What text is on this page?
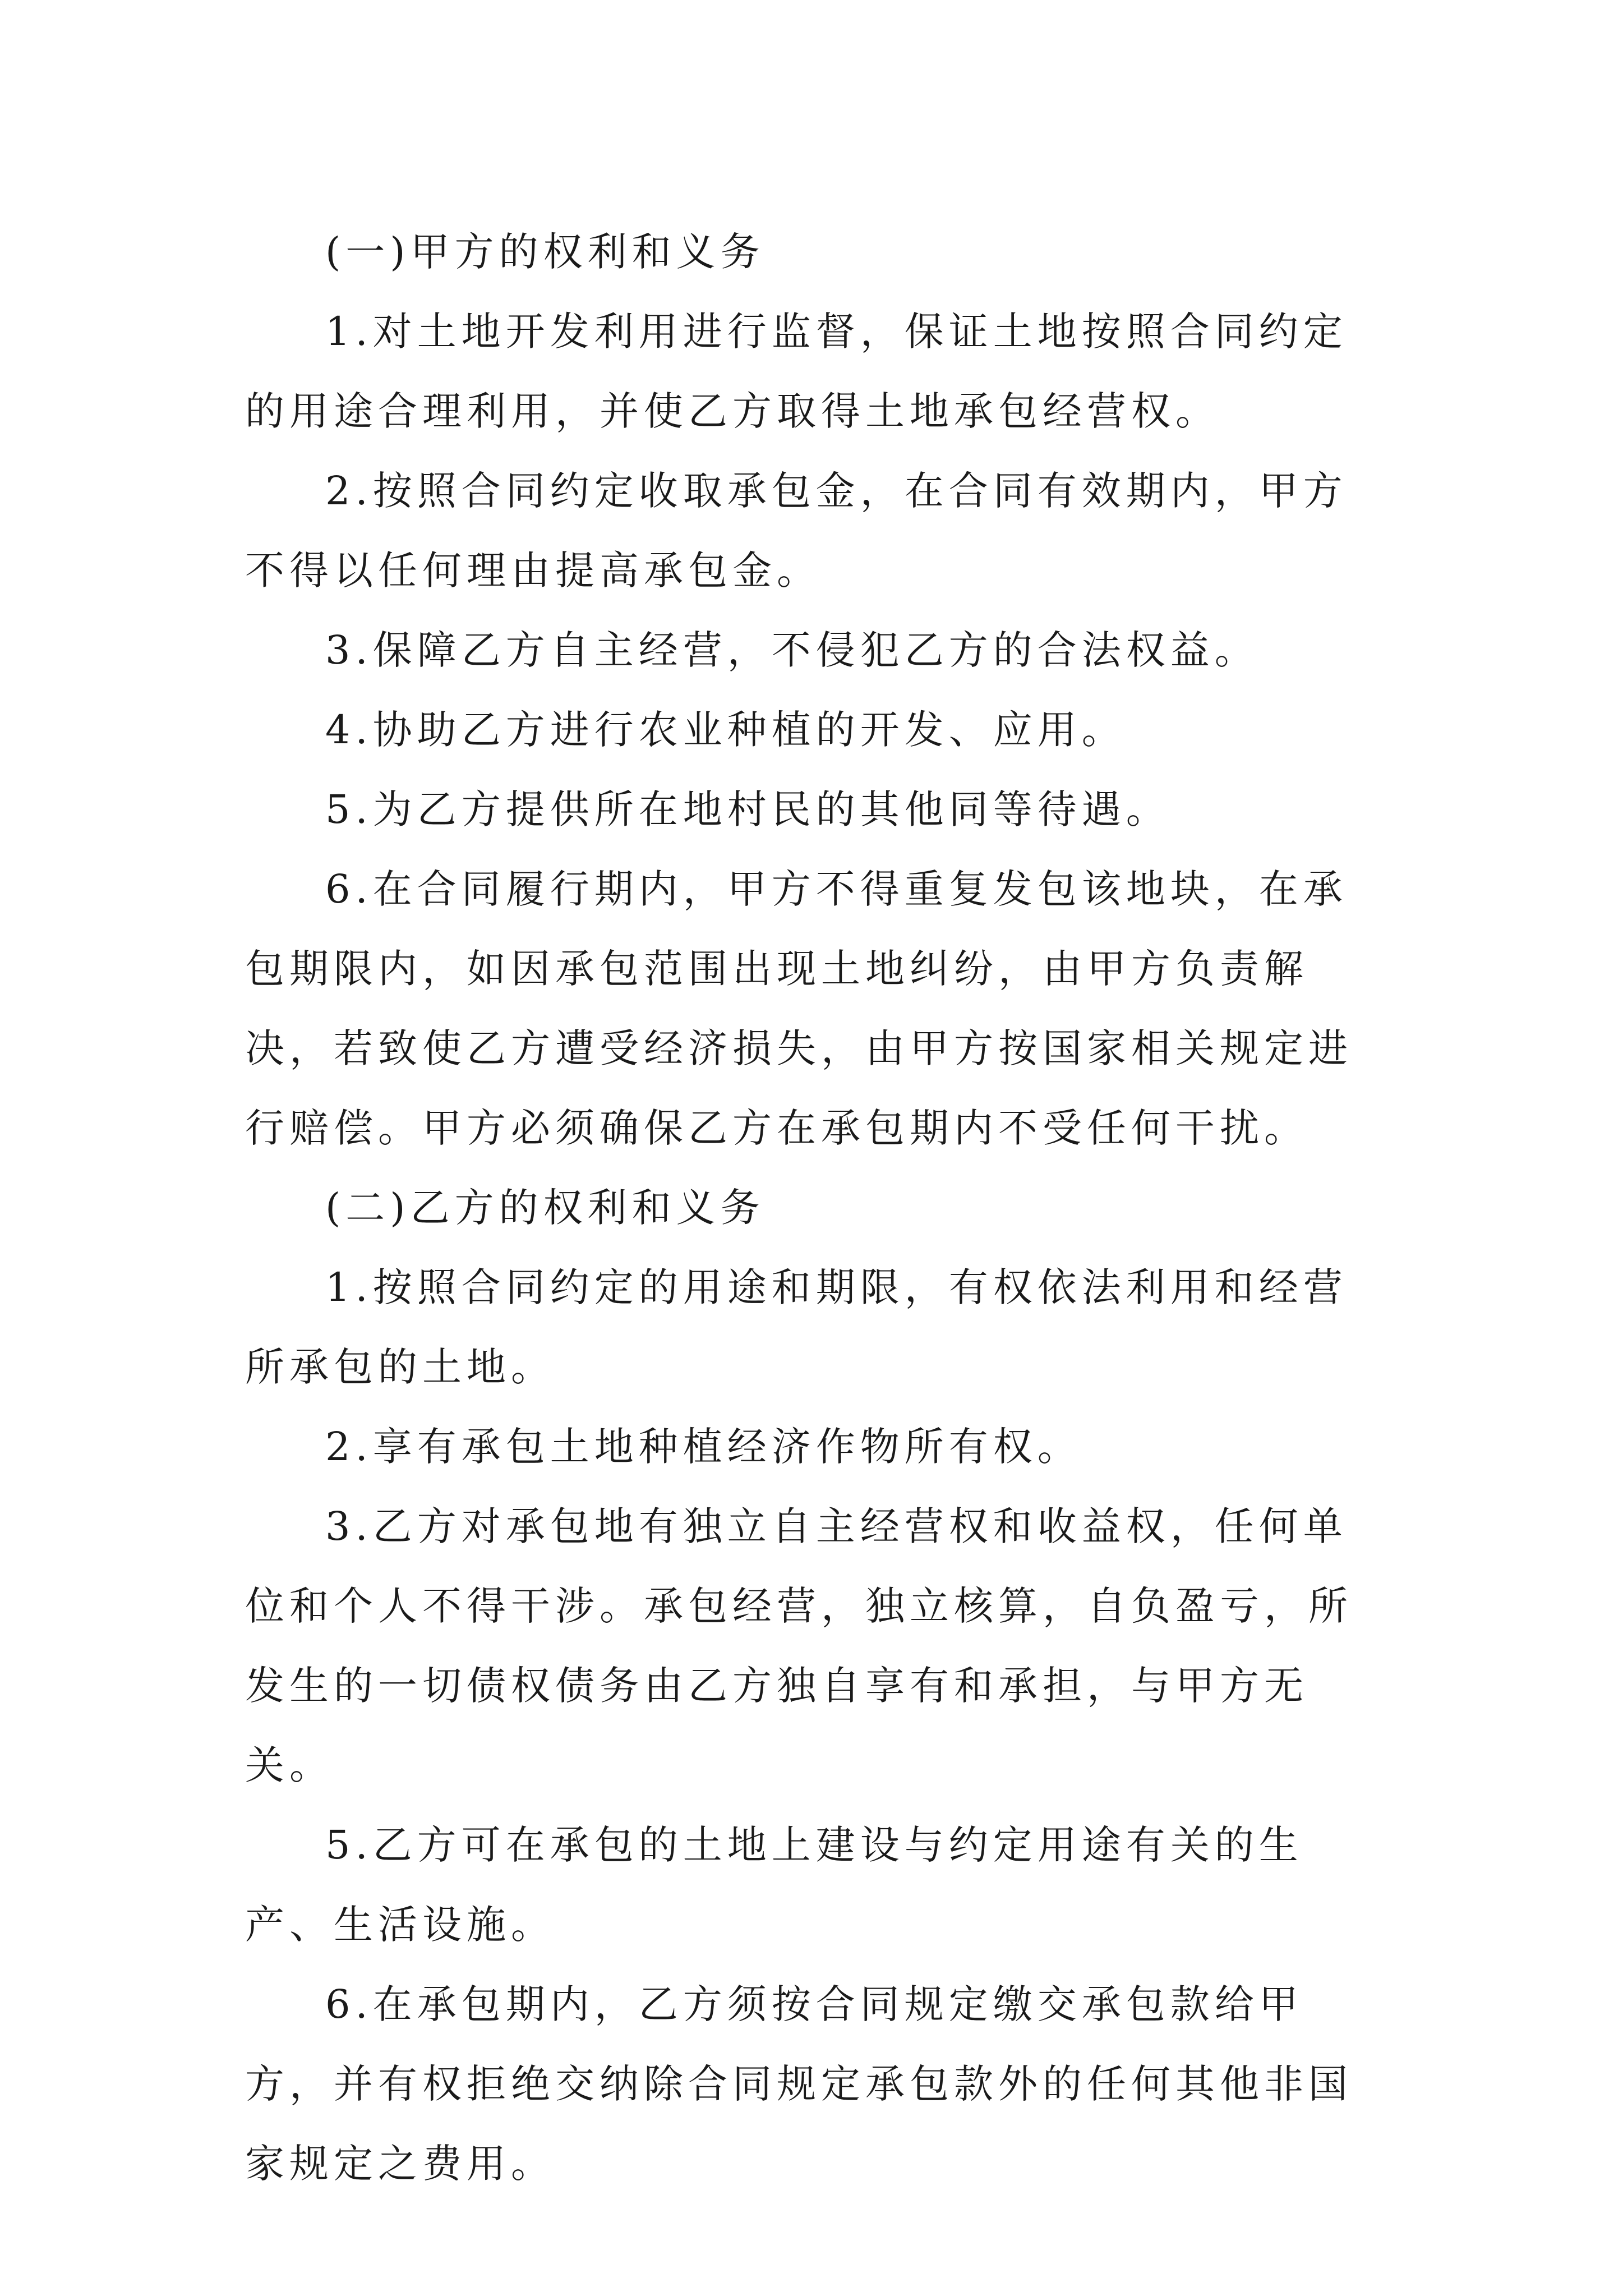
(一)甲方的权利和义务

1.对土地开发利用进行监督，保证土地按照合同约定的用途合理利用，并使乙方取得土地承包经营权。

2.按照合同约定收取承包金，在合同有效期内，甲方不得以任何理由提高承包金。

3.保障乙方自主经营，不侵犯乙方的合法权益。

4.协助乙方进行农业种植的开发、应用。

5.为乙方提供所在地村民的其他同等待遇。

6.在合同履行期内，甲方不得重复发包该地块，在承包期限内，如因承包范围出现土地纠纷，由甲方负责解决，若致使乙方遭受经济损失，由甲方按国家相关规定进行赔偿。甲方必须确保乙方在承包期内不受任何干扰。

(二)乙方的权利和义务

1.按照合同约定的用途和期限，有权依法利用和经营所承包的土地。

2.享有承包土地种植经济作物所有权。

3.乙方对承包地有独立自主经营权和收益权，任何单位和个人不得干涉。承包经营，独立核算，自负盈亏，所发生的一切债权债务由乙方独自享有和承担，与甲方无关。

5.乙方可在承包的土地上建设与约定用途有关的生产、生活设施。

6.在承包期内，乙方须按合同规定缴交承包款给甲方，并有权拒绝交纳除合同规定承包款外的任何其他非国家规定之费用。
